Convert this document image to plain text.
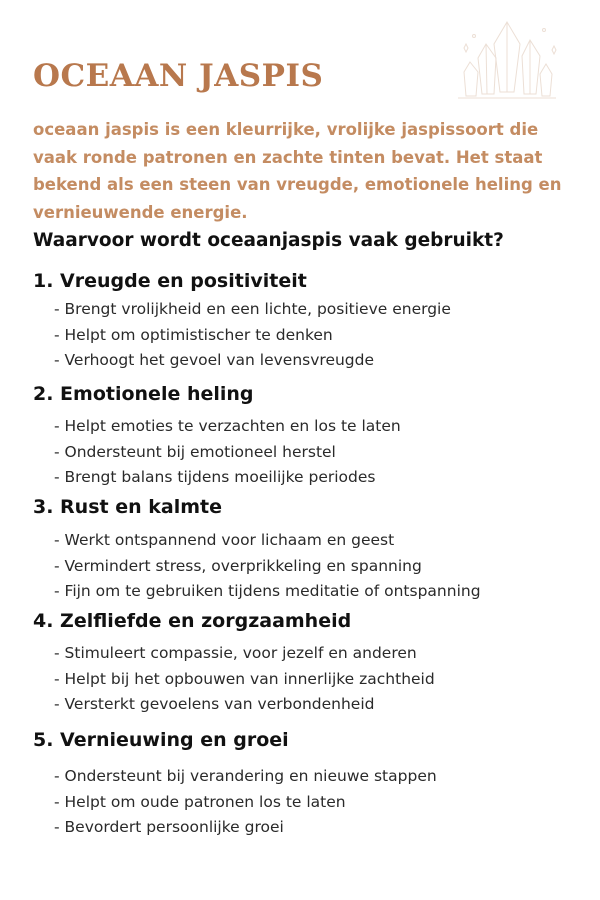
OCEAAN JASPIS

oceaan jaspis is een kleurrijke, vrolijke jaspissoort die vaak ronde patronen en zachte tinten bevat. Het staat bekend als een steen van vreugde, emotionele heling en vernieuwende energie.

Waarvoor wordt oceaanjaspis vaak gebruikt?
1. Vreugde en positiviteit
- Brengt vrolijkheid en een lichte, positieve energie
- Helpt om optimistischer te denken
- Verhoogt het gevoel van levensvreugde
2. Emotionele heling
- Helpt emoties te verzachten en los te laten
- Ondersteunt bij emotioneel herstel
- Brengt balans tijdens moeilijke periodes
3. Rust en kalmte
- Werkt ontspannend voor lichaam en geest
- Vermindert stress, overprikkeling en spanning
- Fijn om te gebruiken tijdens meditatie of ontspanning
4. Zelfliefde en zorgzaamheid
- Stimuleert compassie, voor jezelf en anderen
- Helpt bij het opbouwen van innerlijke zachtheid
- Versterkt gevoelens van verbondenheid
5. Vernieuwing en groei
- Ondersteunt bij verandering en nieuwe stappen
- Helpt om oude patronen los te laten
- Bevordert persoonlijke groei
